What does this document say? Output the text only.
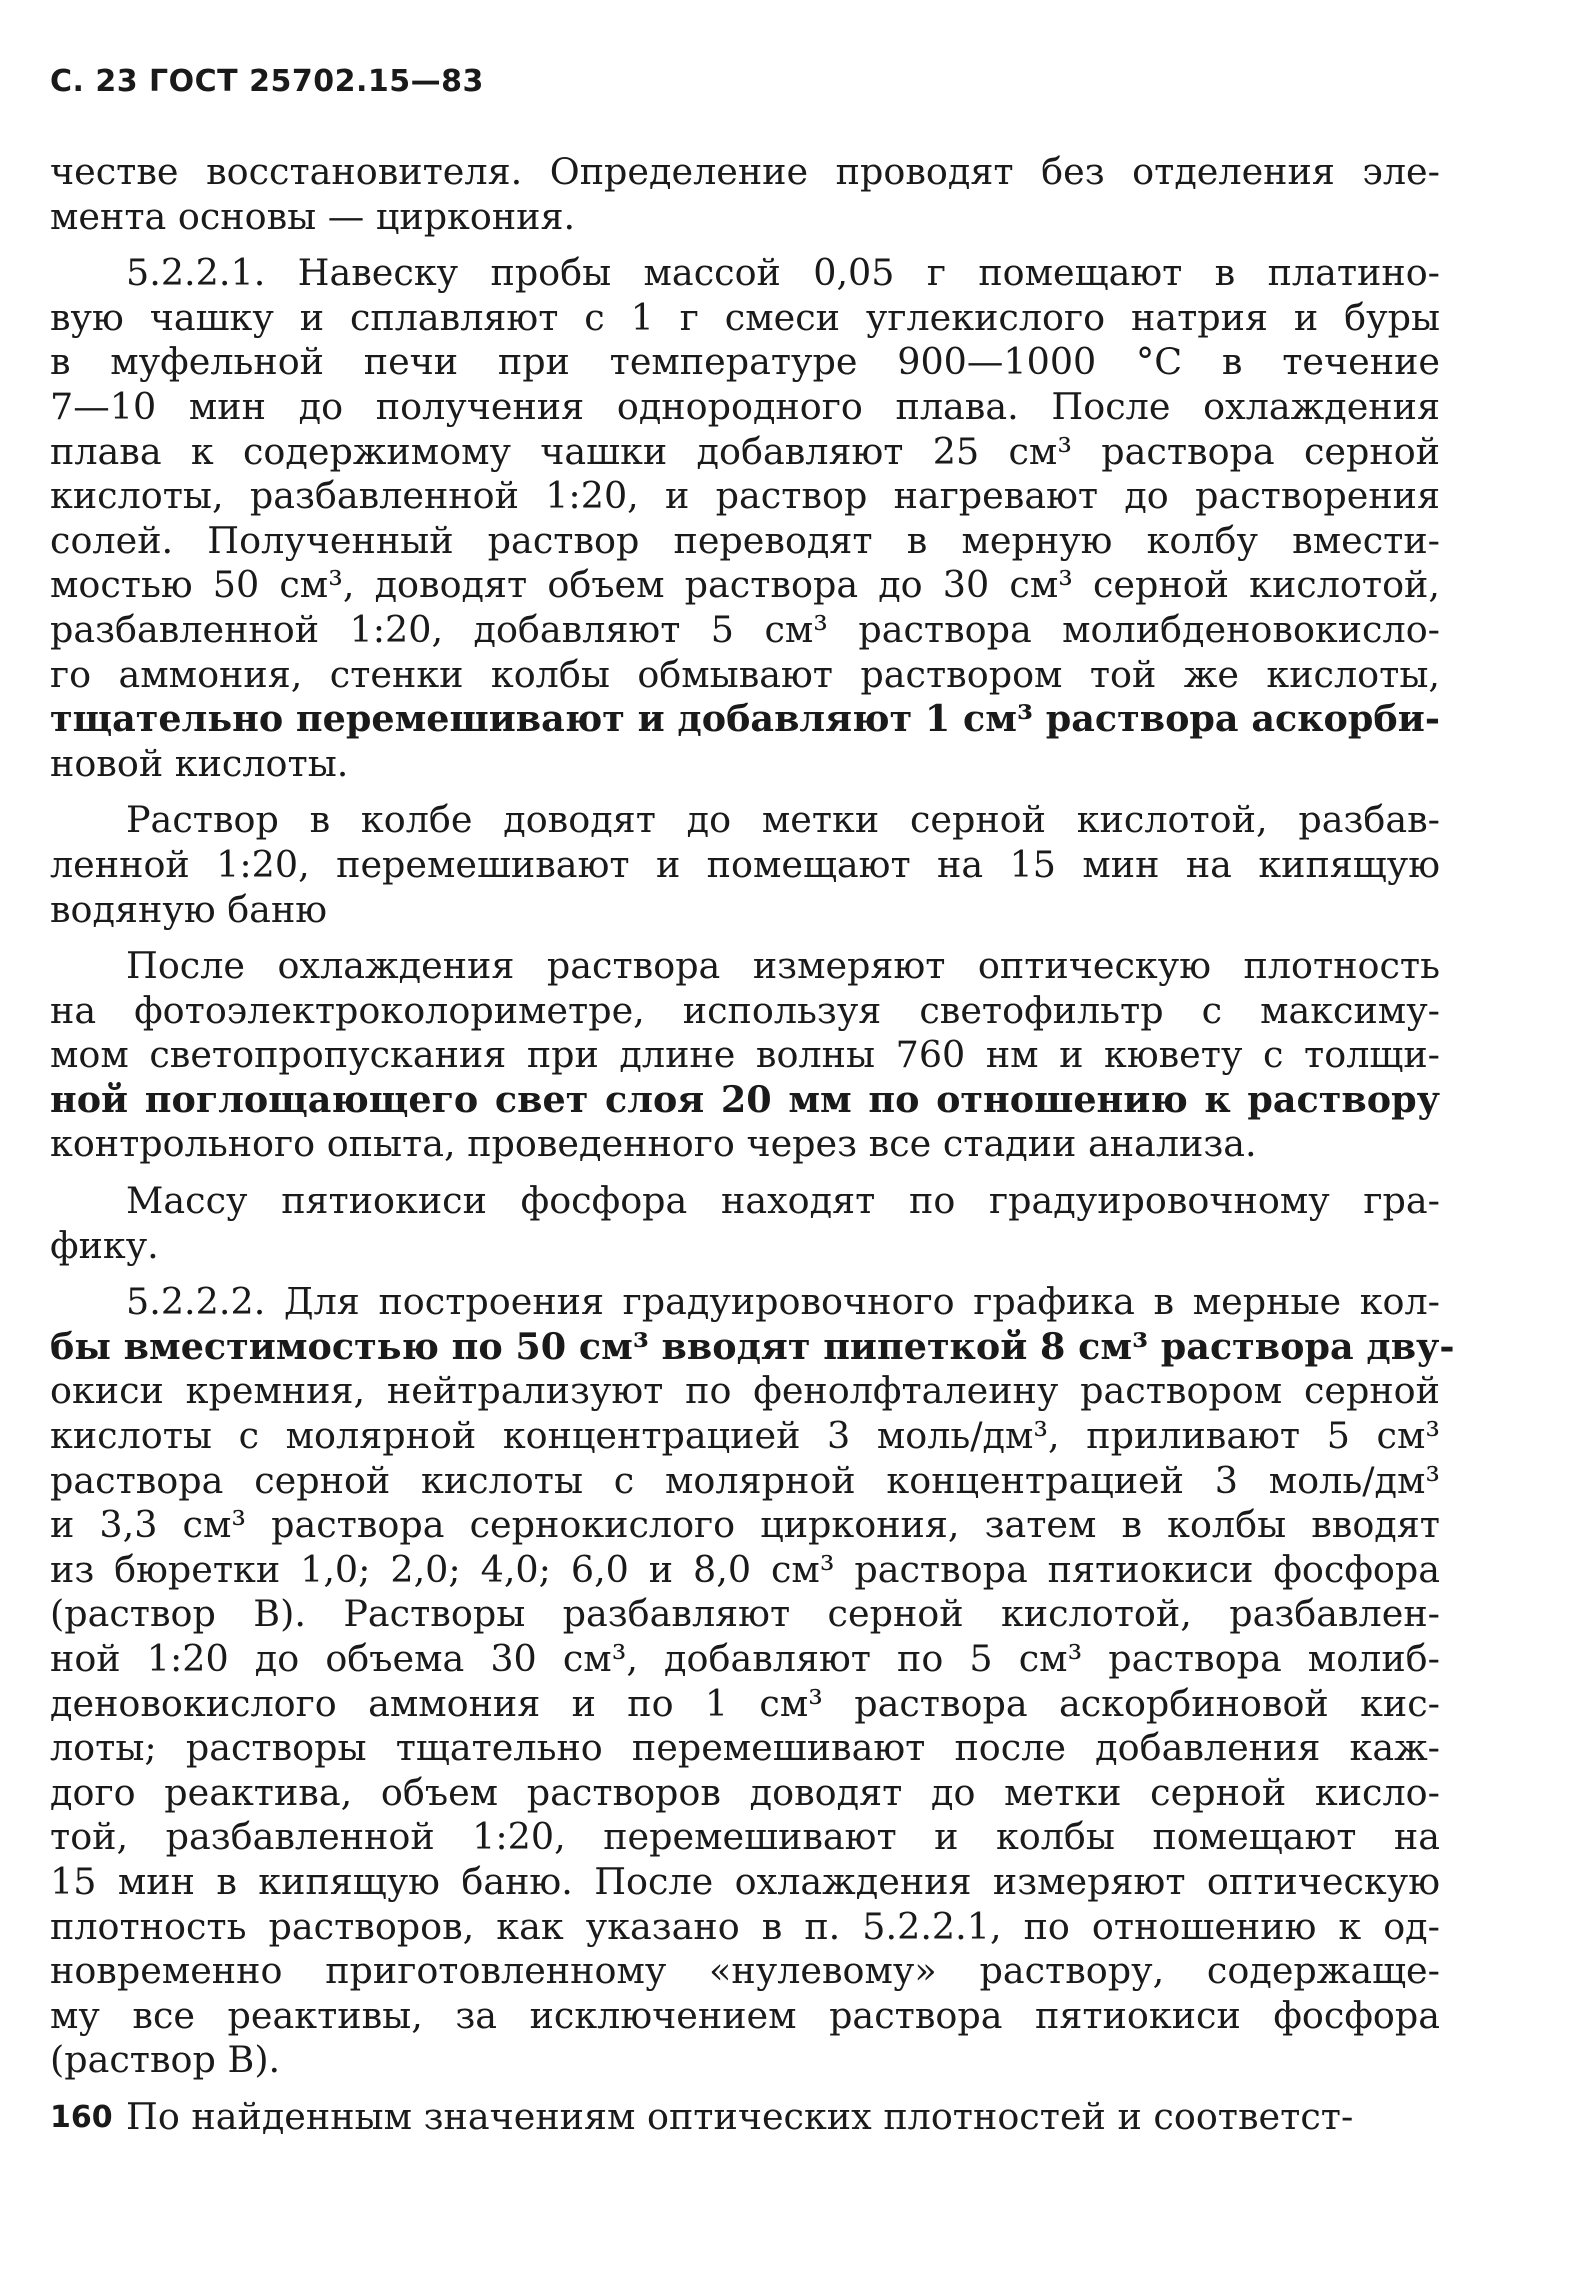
С. 23 ГОСТ 25702.15—83
честве восстановителя. Определение проводят без отделения эле-
мента основы — циркония.
5.2.2.1. Навеску пробы массой 0,05 г помещают в платино-
вую чашку и сплавляют с 1 г смеси углекислого натрия и буры
в муфельной печи при температуре 900—1000 °С в течение
7—10 мин до получения однородного плава. После охлаждения
плава к содержимому чашки добавляют 25 см³ раствора серной
кислоты, разбавленной 1:20, и раствор нагревают до растворения
солей. Полученный раствор переводят в мерную колбу вмести-
мостью 50 см³, доводят объем раствора до 30 см³ серной кислотой,
разбавленной 1:20, добавляют 5 см³ раствора молибденовокисло-
го аммония, стенки колбы обмывают раствором той же кислоты,
тщательно перемешивают и добавляют 1 см³ раствора аскорби-
новой кислоты.
Раствор в колбе доводят до метки серной кислотой, разбав-
ленной 1:20, перемешивают и помещают на 15 мин на кипящую
водяную баню
После охлаждения раствора измеряют оптическую плотность
на фотоэлектроколориметре, используя светофильтр с максиму-
мом светопропускания при длине волны 760 нм и кювету с толщи-
ной поглощающего свет слоя 20 мм по отношению к раствору
контрольного опыта, проведенного через все стадии анализа.
Массу пятиокиси фосфора находят по градуировочному гра-
фику.
5.2.2.2. Для построения градуировочного графика в мерные кол-
бы вместимостью по 50 см³ вводят пипеткой 8 см³ раствора дву-
окиси кремния, нейтрализуют по фенолфталеину раствором серной
кислоты с молярной концентрацией 3 моль/дм³, приливают 5 см³
раствора серной кислоты с молярной концентрацией 3 моль/дм³
и 3,3 см³ раствора сернокислого циркония, затем в колбы вводят
из бюретки 1,0; 2,0; 4,0; 6,0 и 8,0 см³ раствора пятиокиси фосфора
(раствор В). Растворы разбавляют серной кислотой, разбавлен-
ной 1:20 до объема 30 см³, добавляют по 5 см³ раствора молиб-
деновокислого аммония и по 1 см³ раствора аскорбиновой кис-
лоты; растворы тщательно перемешивают после добавления каж-
дого реактива, объем растворов доводят до метки серной кисло-
той, разбавленной 1:20, перемешивают и колбы помещают на
15 мин в кипящую баню. После охлаждения измеряют оптическую
плотность растворов, как указано в п. 5.2.2.1, по отношению к од-
новременно приготовленному «нулевому» раствору, содержаще-
му все реактивы, за исключением раствора пятиокиси фосфора
(раствор В).
По найденным значениям оптических плотностей и соответст-
160
